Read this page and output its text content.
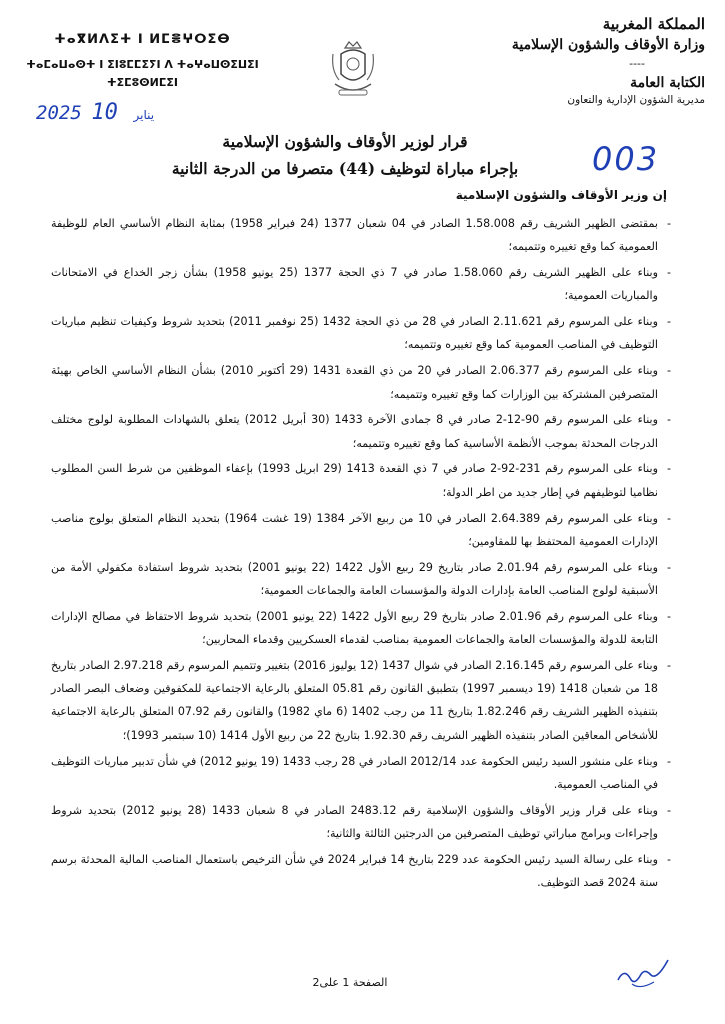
المملكة المغربية
وزارة الأوقاف والشؤون الإسلامية
----
الكتابة العامة
مديرية الشؤون الإدارية والتعاون
ⵜⴰⴳⵍⴷⵉⵜ ⵏ ⵍⵎⴻⵖⵔⵉⴱ
ⵜⴰⵎⴰⵡⴰⵙⵜ ⵏ ⵉⵏⵓⵎⵎⵉⵢⵏ ⴷ ⵜⴰⵖⴰⵡⵙⵉⵡⵉⵏ ⵜⵉⵎⵓⵙⵍⵎⵉⵏ
2025	يناير 10
003
قرار لوزير الأوقاف والشؤون الإسلامية
بإجراء مباراة لتوظيف (44) متصرفا من الدرجة الثانية
إن وزير الأوقاف والشؤون الإسلامية
- بمقتضى الظهير الشريف رقم 1.58.008 الصادر في 04 شعبان 1377 (24 فبراير 1958) بمثابة النظام الأساسي العام للوظيفة العمومية كما وقع تغييره وتتميمه؛
- وبناء على الظهير الشريف رقم 1.58.060 صادر في 7 ذي الحجة 1377 (25 يونيو 1958) بشأن زجر الخداع في الامتحانات والمباريات العمومية؛
- وبناء على المرسوم رقم 2.11.621 الصادر في 28 من ذي الحجة 1432 (25 نوفمبر 2011) بتحديد شروط وكيفيات تنظيم مباريات التوظيف في المناصب العمومية كما وقع تغييره وتتميمه؛
- وبناء على المرسوم رقم 2.06.377 الصادر في 20 من ذي القعدة 1431 (29 أكتوبر 2010) بشأن النظام الأساسي الخاص بهيئة المتصرفين المشتركة بين الوزارات كما وقع تغييره وتتميمه؛
- وبناء على المرسوم رقم 90-12-2 صادر في 8 جمادى الآخرة 1433 (30 أبريل 2012) يتعلق بالشهادات المطلوبة لولوج مختلف الدرجات المحدثة بموجب الأنظمة الأساسية كما وقع تغييره وتتميمه؛
- وبناء على المرسوم رقم 231-92-2 صادر في 7 ذي القعدة 1413 (29 ابريل 1993) بإعفاء الموظفين من شرط السن المطلوب نظاميا لتوظيفهم في إطار جديد من اطر الدولة؛
- وبناء على المرسوم رقم 2.64.389 الصادر في 10 من ربيع الآخر 1384 (19 غشت 1964) بتحديد النظام المتعلق بولوج مناصب الإدارات العمومية المحتفظ بها للمقاومين؛
- وبناء على المرسوم رقم 2.01.94 صادر بتاريخ 29 ربيع الأول 1422 (22 يونيو 2001) بتحديد شروط استفادة مكفولي الأمة من الأسبقية لولوج المناصب العامة بإدارات الدولة والمؤسسات العامة والجماعات العمومية؛
- وبناء على المرسوم رقم 2.01.96 صادر بتاريخ 29 ربيع الأول 1422 (22 يونيو 2001) بتحديد شروط الاحتفاظ في مصالح الإدارات التابعة للدولة والمؤسسات العامة والجماعات العمومية بمناصب لقدماء العسكريين وقدماء المحاربين؛
- وبناء على المرسوم رقم 2.16.145 الصادر في شوال 1437 (12 يوليوز 2016) بتغيير وتتميم المرسوم رقم 2.97.218 الصادر بتاريخ 18 من شعبان 1418 (19 ديسمبر 1997) بتطبيق القانون رقم 05.81 المتعلق بالرعاية الاجتماعية للمكفوفين وضعاف البصر الصادر بتنفيذه الظهير الشريف رقم 1.82.246 بتاريخ 11 من رجب 1402 (6 ماي 1982) والقانون رقم 07.92 المتعلق بالرعاية الاجتماعية للأشخاص المعاقين الصادر بتنفيذه الظهير الشريف رقم 1.92.30 بتاريخ 22 من ربيع الأول 1414 (10 سبتمبر 1993)؛
- وبناء على منشور السيد رئيس الحكومة عدد 2012/14 الصادر في 28 رجب 1433 (19 يونيو 2012) في شأن تدبير مباريات التوظيف في المناصب العمومية.
- وبناء على قرار وزير الأوقاف والشؤون الإسلامية رقم 2483.12 الصادر في 8 شعبان 1433 (28 يونيو 2012) بتحديد شروط وإجراءات وبرامج مباراتي توظيف المتصرفين من الدرجتين الثالثة والثانية؛
- وبناء على رسالة السيد رئيس الحكومة عدد 229 بتاريخ 14 فبراير 2024 في شأن الترخيص باستعمال المناصب المالية المحدثة برسم سنة 2024 قصد التوظيف.
الصفحة 1 على2
